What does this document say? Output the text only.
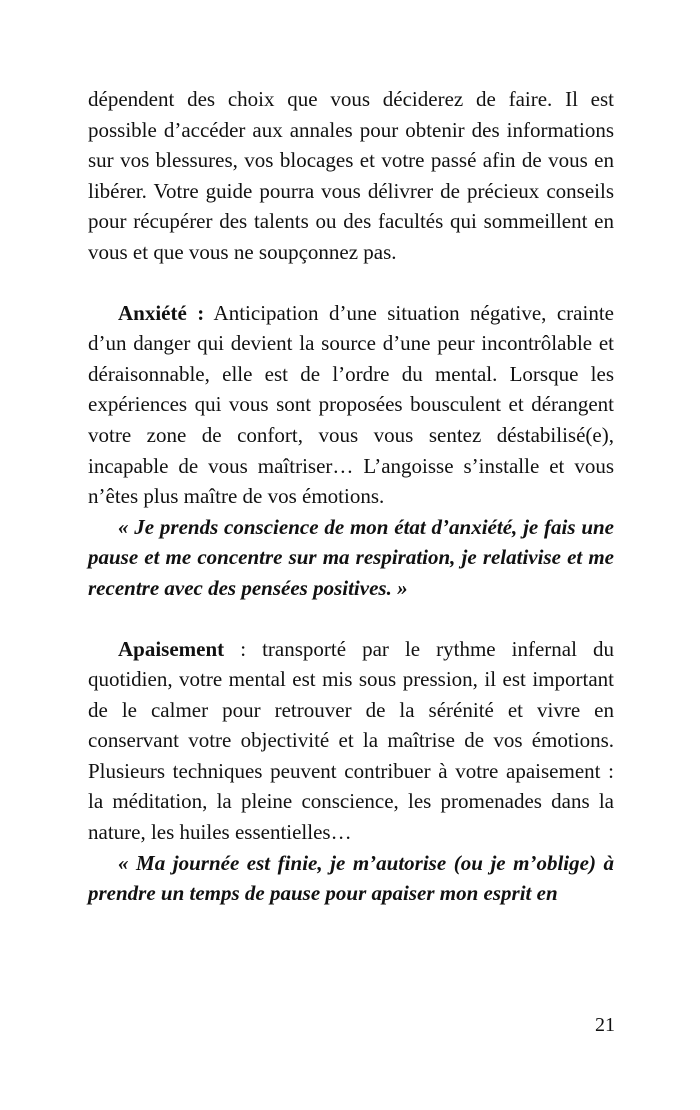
dépendent des choix que vous déciderez de faire. Il est possible d’accéder aux annales pour obtenir des informations sur vos blessures, vos blocages et votre passé afin de vous en libérer. Votre guide pourra vous délivrer de précieux conseils pour récupérer des talents ou des facultés qui sommeillent en vous et que vous ne soupçonnez pas.

Anxiété : Anticipation d’une situation négative, crainte d’un danger qui devient la source d’une peur incontrôlable et déraisonnable, elle est de l’ordre du mental. Lorsque les expériences qui vous sont proposées bousculent et dérangent votre zone de confort, vous vous sentez déstabilisé(e), incapable de vous maîtriser… L’angoisse s’installe et vous n’êtes plus maître de vos émotions.

« Je prends conscience de mon état d’anxiété, je fais une pause et me concentre sur ma respiration, je relativise et me recentre avec des pensées positives. »

Apaisement : transporté par le rythme infernal du quotidien, votre mental est mis sous pression, il est important de le calmer pour retrouver de la sérénité et vivre en conservant votre objectivité et la maîtrise de vos émotions. Plusieurs techniques peuvent contribuer à votre apaisement : la méditation, la pleine conscience, les promenades dans la nature, les huiles essentielles…

« Ma journée est finie, je m’autorise (ou je m’oblige) à prendre un temps de pause pour apaiser mon esprit en

21
